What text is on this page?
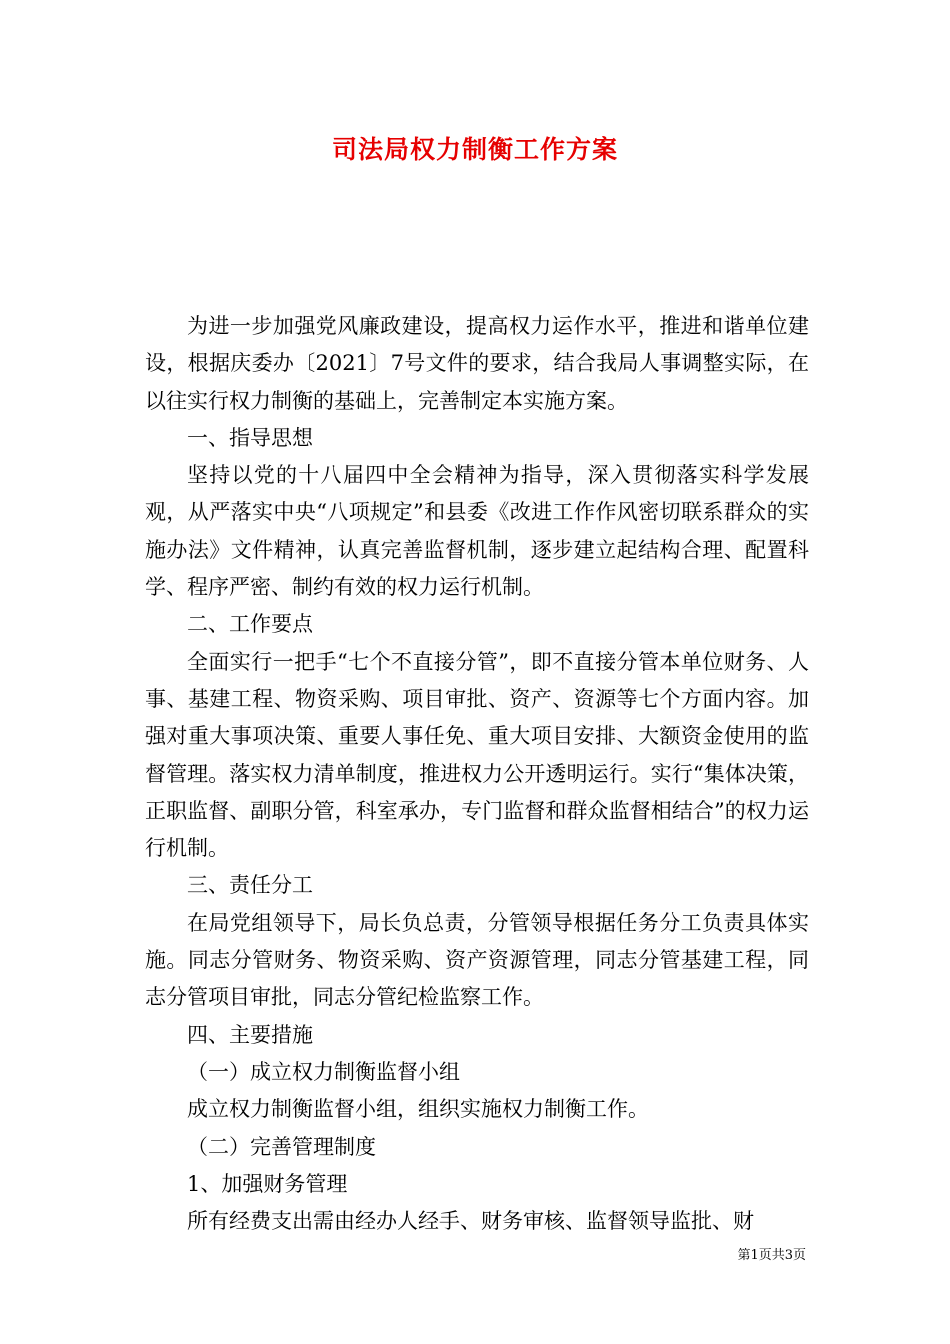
司法局权力制衡工作方案

为进一步加强党风廉政建设，提高权力运作水平，推进和谐单位建设，根据庆委办〔2021〕7号文件的要求，结合我局人事调整实际，在以往实行权力制衡的基础上，完善制定本实施方案。

一、指导思想

坚持以党的十八届四中全会精神为指导，深入贯彻落实科学发展观，从严落实中央“八项规定”和县委《改进工作作风密切联系群众的实施办法》文件精神，认真完善监督机制，逐步建立起结构合理、配置科学、程序严密、制约有效的权力运行机制。

二、工作要点

全面实行一把手“七个不直接分管”，即不直接分管本单位财务、人事、基建工程、物资采购、项目审批、资产、资源等七个方面内容。加强对重大事项决策、重要人事任免、重大项目安排、大额资金使用的监督管理。落实权力清单制度，推进权力公开透明运行。实行“集体决策，正职监督、副职分管，科室承办，专门监督和群众监督相结合”的权力运行机制。

三、责任分工

在局党组领导下，局长负总责，分管领导根据任务分工负责具体实施。同志分管财务、物资采购、资产资源管理，同志分管基建工程，同志分管项目审批，同志分管纪检监察工作。

四、主要措施

（一）成立权力制衡监督小组

成立权力制衡监督小组，组织实施权力制衡工作。

（二）完善管理制度

1、加强财务管理

所有经费支出需由经办人经手、财务审核、监督领导监批、财

第1页共3页
